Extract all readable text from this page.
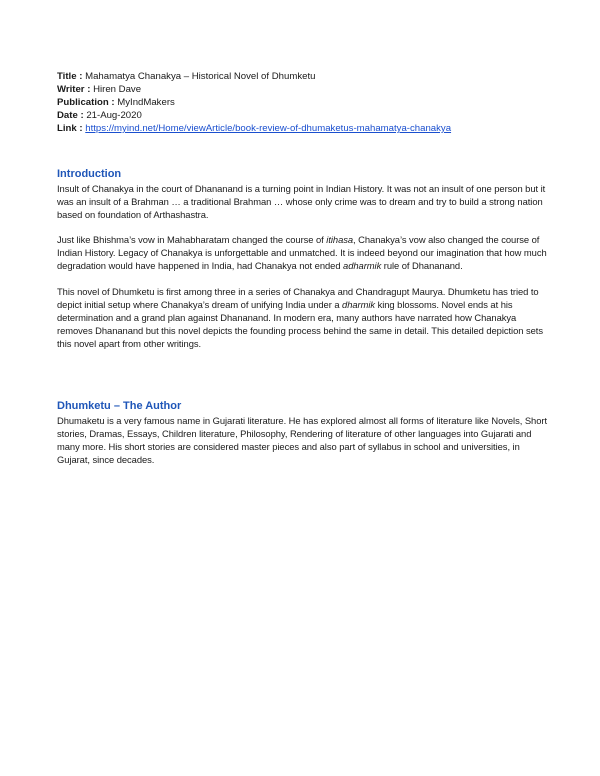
Title : Mahamatya Chanakya – Historical Novel of Dhumketu
Writer : Hiren Dave
Publication : MyIndMakers
Date : 21-Aug-2020
Link : https://myind.net/Home/viewArticle/book-review-of-dhumaketus-mahamatya-chanakya
Introduction

Insult of Chanakya in the court of Dhananand is a turning point in Indian History. It was not an insult of one person but it was an insult of a Brahman … a traditional Brahman … whose only crime was to dream and try to build a strong nation based on foundation of Arthashastra.

Just like Bhishma’s vow in Mahabharatam changed the course of itihasa, Chanakya’s vow also changed the course of Indian History. Legacy of Chanakya is unforgettable and unmatched. It is indeed beyond our imagination that how much degradation would have happened in India, had Chanakya not ended adharmik rule of Dhananand.

This novel of Dhumketu is first among three in a series of Chanakya and Chandragupt Maurya. Dhumketu has tried to depict initial setup where Chanakya’s dream of unifying India under a dharmik king blossoms. Novel ends at his determination and a grand plan against Dhananand. In modern era, many authors have narrated how Chanakya removes Dhananand but this novel depicts the founding process behind the same in detail. This detailed depiction sets this novel apart from other writings.

Dhumketu – The Author

Dhumaketu is a very famous name in Gujarati literature. He has explored almost all forms of literature like Novels, Short stories, Dramas, Essays, Children literature, Philosophy, Rendering of literature of other languages into Gujarati and many more. His short stories are considered master pieces and also part of syllabus in school and universities, in Gujarat, since decades.
